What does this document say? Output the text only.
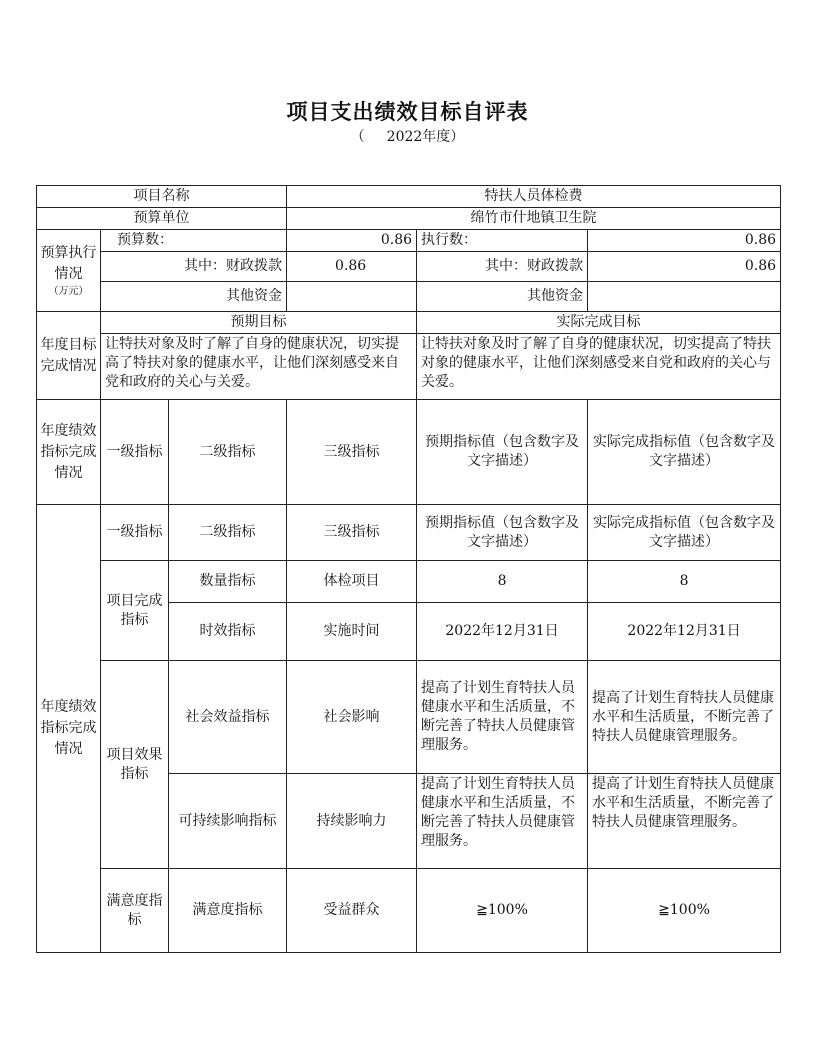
项目支出绩效目标自评表
（ 2022年度）
项目名称			特扶人员体检费		
预算单位			绵竹市什地镇卫生院		
预算执行情况
（万元）	预算数：		0.86	执行数：	0.86
	其中：财政拨款		0.86	其中：财政拨款	0.86
	其他资金			其他资金	
年度目标完成情况	预期目标			实际完成目标	
	让特扶对象及时了解了自身的健康状况，切实提高了特扶对象的健康水平，让他们深刻感受来自党和政府的关心与关爱。			让特扶对象及时了解了自身的健康状况，切实提高了特扶对象的健康水平，让他们深刻感受来自党和政府的关心与关爱。	
年度绩效指标完成情况	一级指标	二级指标	三级指标	预期指标值（包含数字及文字描述）	实际完成指标值（包含数字及文字描述）
年度绩效指标完成情况	一级指标	二级指标	三级指标	预期指标值（包含数字及文字描述）	实际完成指标值（包含数字及文字描述）
	项目完成指标	数量指标	体检项目	8	8
		时效指标	实施时间	2022年12月31日	2022年12月31日
	项目效果指标	社会效益指标	社会影响	提高了计划生育特扶人员健康水平和生活质量，不断完善了特扶人员健康管理服务。	提高了计划生育特扶人员健康水平和生活质量，不断完善了特扶人员健康管理服务。
		可持续影响指标	持续影响力	提高了计划生育特扶人员健康水平和生活质量，不断完善了特扶人员健康管理服务。	提高了计划生育特扶人员健康水平和生活质量，不断完善了特扶人员健康管理服务。
	满意度指标	满意度指标	受益群众	≧100%	≧100%
